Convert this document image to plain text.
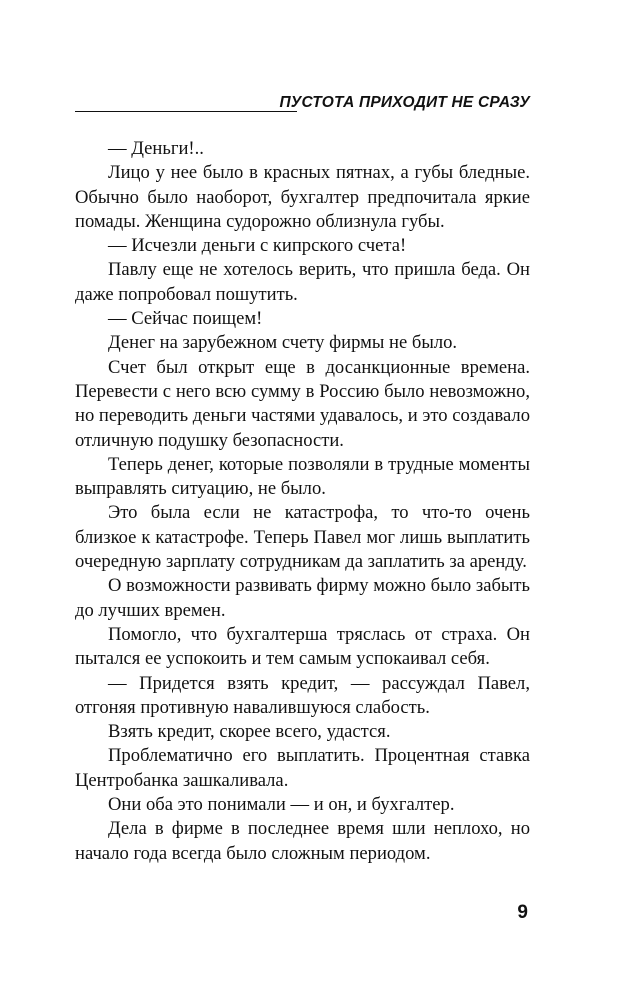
ПУСТОТА ПРИХОДИТ НЕ СРАЗУ

— Деньги!..

Лицо у нее было в красных пятнах, а губы бледные. Обычно было наоборот, бухгалтер предпочитала яркие помады. Женщина судорожно облизнула губы.

— Исчезли деньги с кипрского счета!

Павлу еще не хотелось верить, что пришла беда. Он даже попробовал пошутить.

— Сейчас поищем!

Денег на зарубежном счету фирмы не было.

Счет был открыт еще в досанкционные времена. Перевести с него всю сумму в Россию было невозможно, но переводить деньги частями удавалось, и это создавало отличную подушку безопасности.

Теперь денег, которые позволяли в трудные моменты выправлять ситуацию, не было.

Это была если не катастрофа, то что-то очень близкое к катастрофе. Теперь Павел мог лишь выплатить очередную зарплату сотрудникам да заплатить за аренду.

О возможности развивать фирму можно было забыть до лучших времен.

Помогло, что бухгалтерша тряслась от страха. Он пытался ее успокоить и тем самым успокаивал себя.

— Придется взять кредит, — рассуждал Павел, отгоняя противную навалившуюся слабость.

Взять кредит, скорее всего, удастся.

Проблематично его выплатить. Процентная ставка Центробанка зашкаливала.

Они оба это понимали — и он, и бухгалтер.

Дела в фирме в последнее время шли неплохо, но начало года всегда было сложным периодом.

9
